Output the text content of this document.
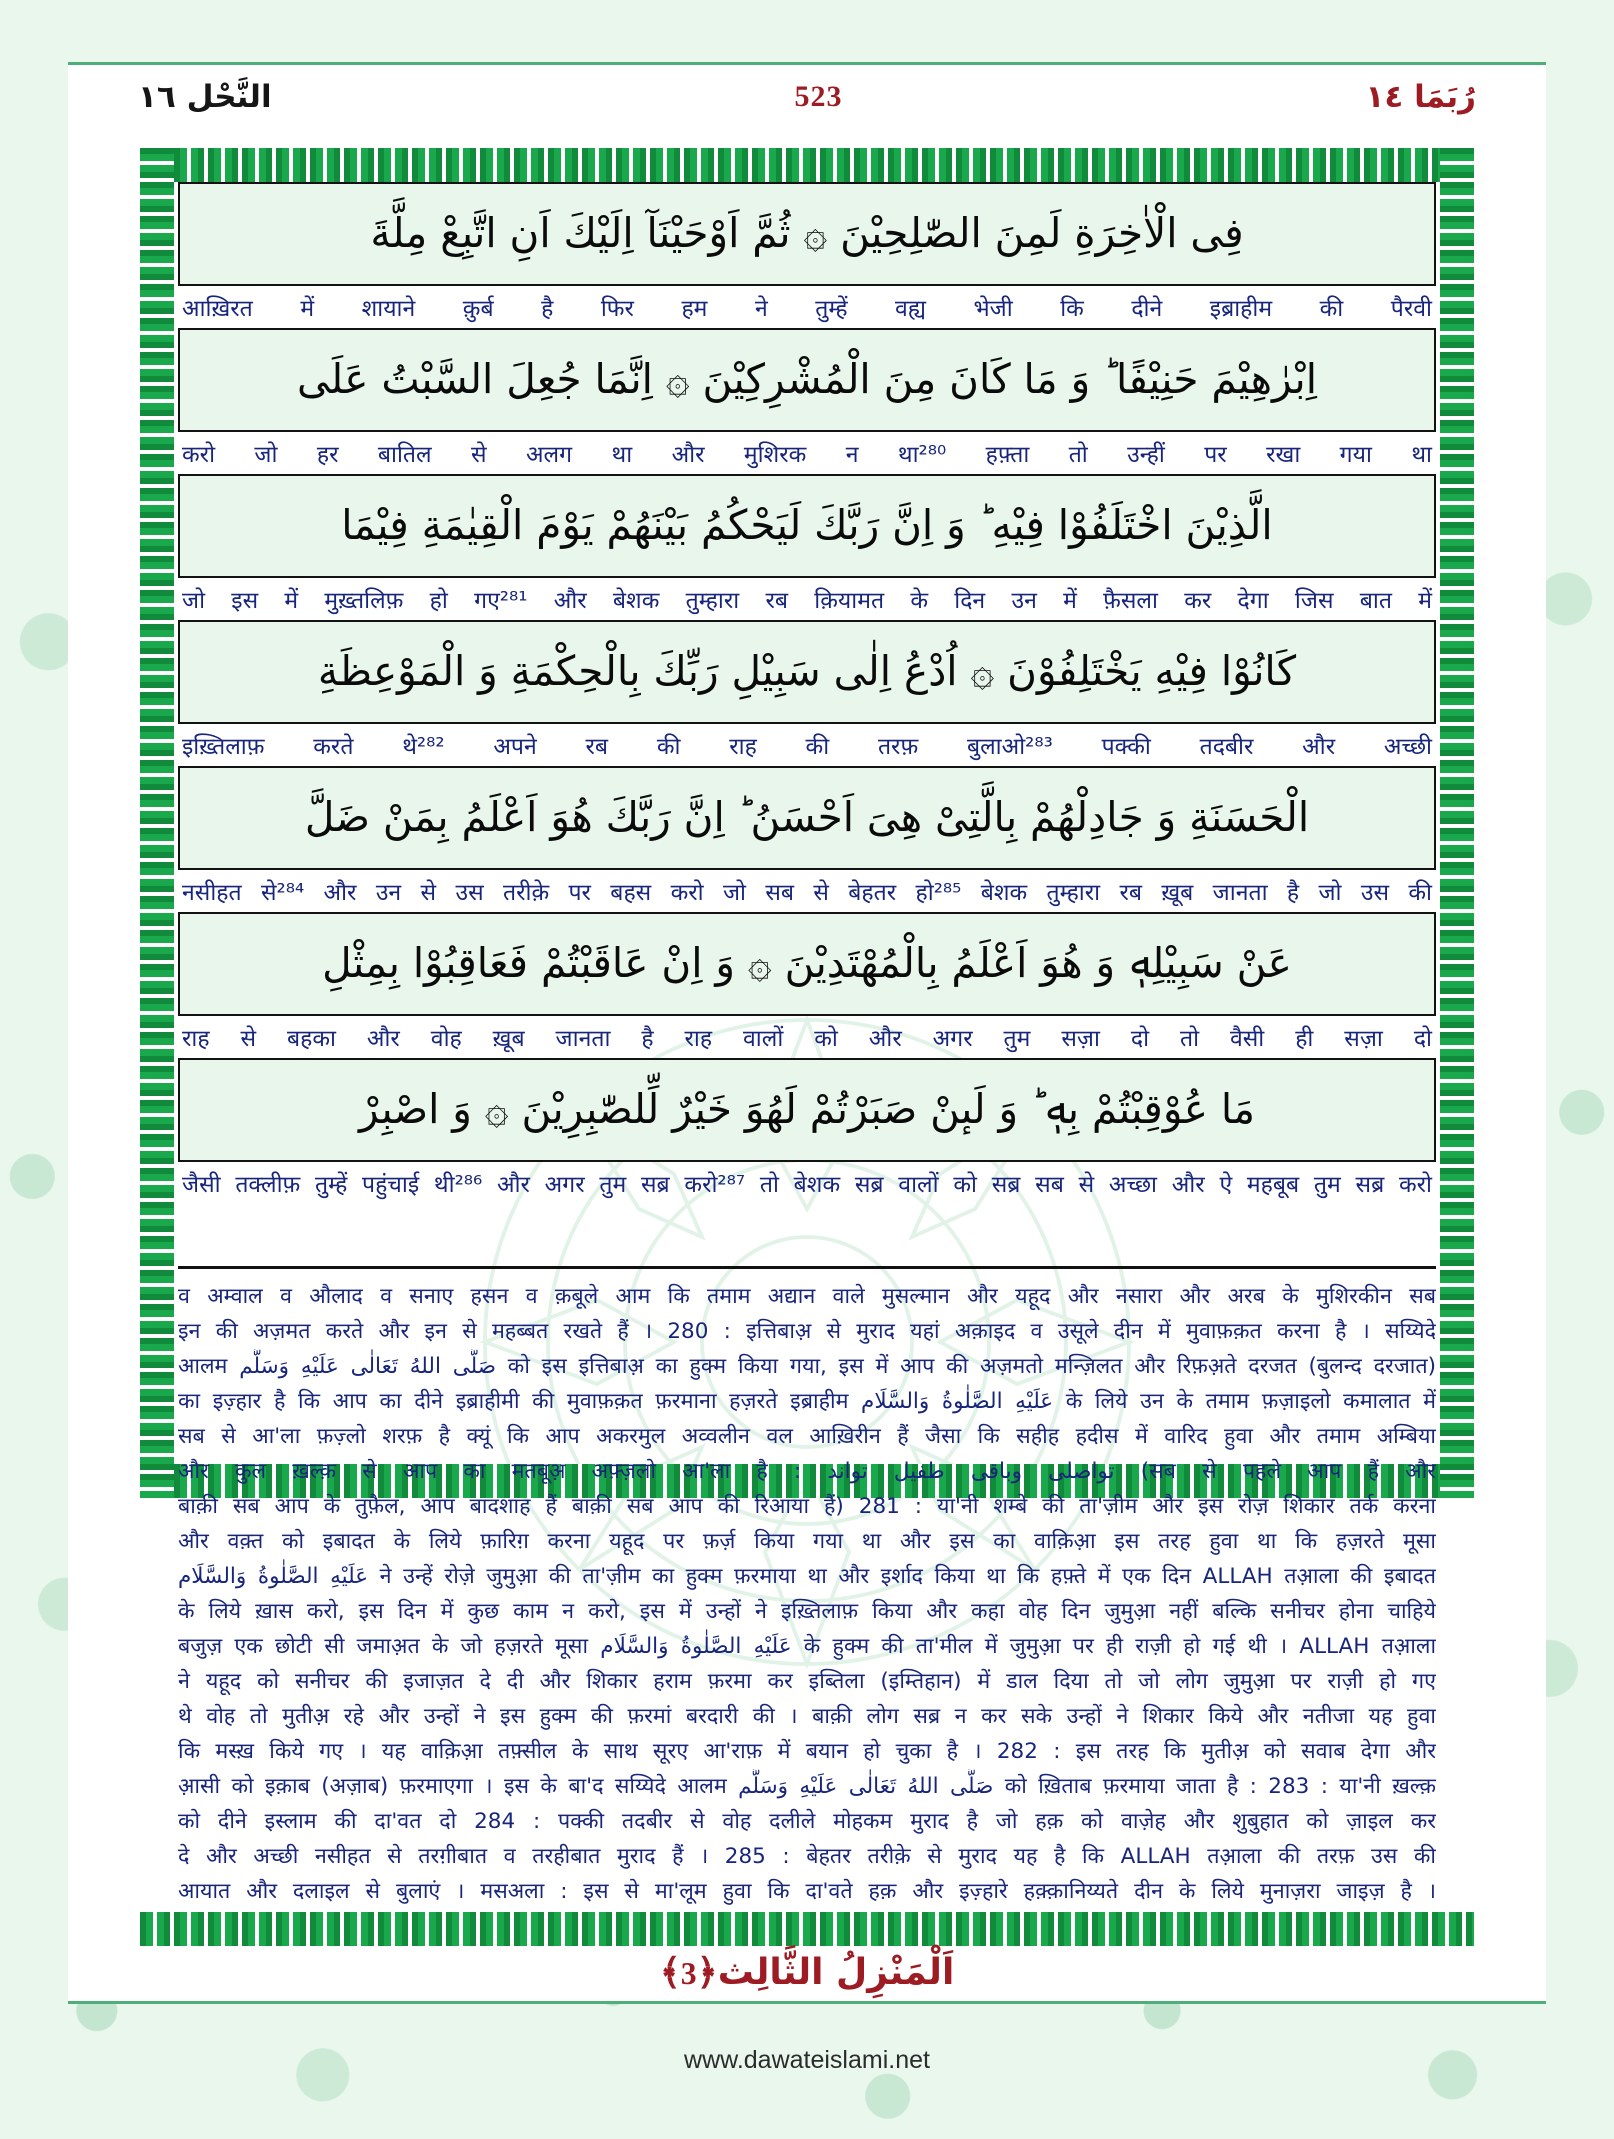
النَّحْل ١٦	523	رُبَمَا ١٤
فِى الْاٰخِرَةِ لَمِنَ الصّٰلِحِيْنَ ۞ ثُمَّ اَوْحَيْنَآ اِلَيْكَ اَنِ اتَّبِعْ مِلَّةَ
आख़िरत में शायाने क़ुर्ब है फिर हम ने तुम्हें वह्य भेजी कि दीने इब्राहीम की पैरवी
اِبْرٰهِيْمَ حَنِيْفًا ؕ وَ مَا كَانَ مِنَ الْمُشْرِكِيْنَ ۞ اِنَّمَا جُعِلَ السَّبْتُ عَلَى
करो जो हर बातिल से अलग था और मुशिरक न था²⁸⁰ हफ़्ता तो उन्हीं पर रखा गया था
الَّذِيْنَ اخْتَلَفُوْا فِيْهِ ؕ وَ اِنَّ رَبَّكَ لَيَحْكُمُ بَيْنَهُمْ يَوْمَ الْقِيٰمَةِ فِيْمَا
जो इस में मुख़्तलिफ़ हो गए²⁸¹ और बेशक तुम्हारा रब क़ियामत के दिन उन में फ़ैसला कर देगा जिस बात में
كَانُوْا فِيْهِ يَخْتَلِفُوْنَ ۞ اُدْعُ اِلٰى سَبِيْلِ رَبِّكَ بِالْحِكْمَةِ وَ الْمَوْعِظَةِ
इख़्तिलाफ़ करते थे²⁸² अपने रब की राह की तरफ़ बुलाओ²⁸³ पक्की तदबीर और अच्छी
الْحَسَنَةِ وَ جَادِلْهُمْ بِالَّتِىْ هِىَ اَحْسَنُ ؕ اِنَّ رَبَّكَ هُوَ اَعْلَمُ بِمَنْ ضَلَّ
नसीहत से²⁸⁴ और उन से उस तरीक़े पर बहस करो जो सब से बेहतर हो²⁸⁵ बेशक तुम्हारा रब ख़ूब जानता है जो उस की
عَنْ سَبِيْلِهٖ وَ هُوَ اَعْلَمُ بِالْمُهْتَدِيْنَ ۞ وَ اِنْ عَاقَبْتُمْ فَعَاقِبُوْا بِمِثْلِ
राह से बहका और वोह ख़ूब जानता है राह वालों को और अगर तुम सज़ा दो तो वैसी ही सज़ा दो
مَا عُوْقِبْتُمْ بِهٖ ؕ وَ لَىٕنْ صَبَرْتُمْ لَهُوَ خَيْرٌ لِّلصّٰبِرِيْنَ ۞ وَ اصْبِرْ
जैसी तक्लीफ़ तुम्हें पहुंचाई थी²⁸⁶ और अगर तुम सब्र करो²⁸⁷ तो बेशक सब्र वालों को सब्र सब से अच्छा और ऐ महबूब तुम सब्र करो

व अम्वाल व औलाद व सनाए हसन व क़बूले आम कि तमाम अद्यान वाले मुसल्मान और यहूद और नसारा और अरब के मुशिरकीन सब

इन की अज़मत करते और इन से महब्बत रखते हैं । 280 : इत्तिबाअ़ से मुराद यहां अक़ाइद व उसूले दीन में मुवाफ़क़त करना है । सय्यिदे

आलम صَلَّى اللهُ تَعَالٰى عَلَيْهِ وَسَلَّم को इस इत्तिबाअ़ का हुक्म किया गया, इस में आप की अज़मतो मन्ज़िलत और रिफ़अ़ते दरजत (बुलन्द दरजात)

का इज़्हार है कि आप का दीने इब्राहीमी की मुवाफ़क़त फ़रमाना हज़रते इब्राहीम عَلَيْهِ الصَّلٰوةُ وَالسَّلَام के लिये उन के तमाम फ़ज़ाइलो कमालात में

सब से आ'ला फ़ज़्लो शरफ़ है क्यूं कि आप अकरमुल अव्वलीन वल आख़िरीन हैं जैसा कि सहीह हदीस में वारिद हुवा और तमाम अम्बिया

और कुल ख़ल्क़ से आप का मतबूअ़ अफ़्ज़लो आ'ला है : تواصلی وباقی طفیل تواند (सब से पहले आप हैं और

बाक़ी सब आप के तुफ़ैल, आप बादशाह हैं बाक़ी सब आप की रिआया हैं) 281 : या'नी शम्बे की ता'ज़ीम और इस रोज़ शिकार तर्क करना

और वक़्त को इबादत के लिये फ़ारिग़ करना यहूद पर फ़र्ज़ किया गया था और इस का वाक़िआ़ इस तरह हुवा था कि हज़रते मूसा

عَلَيْهِ الصَّلٰوةُ وَالسَّلَام ने उन्हें रोज़े जुमुआ़ की ता'ज़ीम का हुक्म फ़रमाया था और इर्शाद किया था कि हफ़्ते में एक दिन ALLAH तआ़ला की इबादत

के लिये ख़ास करो, इस दिन में कुछ काम न करो, इस में उन्हों ने इख़्तिलाफ़ किया और कहा वोह दिन जुमुआ़ नहीं बल्कि सनीचर होना चाहिये

बजुज़ एक छोटी सी जमाअ़त के जो हज़रते मूसा عَلَيْهِ الصَّلٰوةُ وَالسَّلَام के हुक्म की ता'मील में जुमुआ़ पर ही राज़ी हो गई थी । ALLAH तआ़ला

ने यहूद को सनीचर की इजाज़त दे दी और शिकार हराम फ़रमा कर इब्तिला (इम्तिहान) में डाल दिया तो जो लोग जुमुआ़ पर राज़ी हो गए

थे वोह तो मुतीअ़ रहे और उन्हों ने इस हुक्म की फ़रमां बरदारी की । बाक़ी लोग सब्र न कर सके उन्हों ने शिकार किये और नतीजा यह हुवा

कि मस्ख़ किये गए । यह वाक़िआ़ तफ़्सील के साथ सूरए आ'राफ़ में बयान हो चुका है । 282 : इस तरह कि मुतीअ़ को सवाब देगा और

आ़सी को इक़ाब (अज़ाब) फ़रमाएगा । इस के बा'द सय्यिदे आलम صَلَّى اللهُ تَعَالٰى عَلَيْهِ وَسَلَّم को ख़िताब फ़रमाया जाता है : 283 : या'नी ख़ल्क़

को दीने इस्लाम की दा'वत दो 284 : पक्की तदबीर से वोह दलीले मोहकम मुराद है जो हक़ को वाज़ेह और शुबुहात को ज़ाइल कर

दे और अच्छी नसीहत से तरग़ीबात व तरहीबात मुराद हैं । 285 : बेहतर तरीक़े से मुराद यह है कि ALLAH तआ़ला की तरफ़ उस की

आयात और दलाइल से बुलाएं । मसअला : इस से मा'लूम हुवा कि दा'वते हक़ और इज़्हारे हक़्क़ानिय्यते दीन के लिये मुनाज़रा जाइज़ है ।

اَلْمَنْزِلُ الثَّالِث﴿3﴾
www.dawateislami.net
